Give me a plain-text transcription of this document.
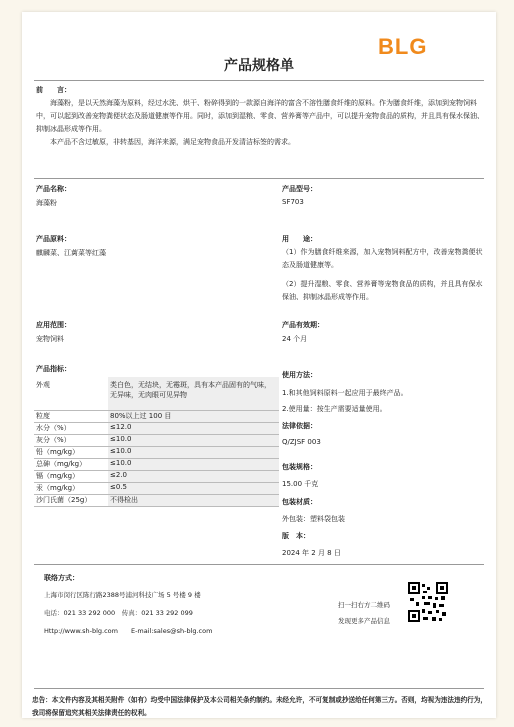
BLG
产品规格单
前　　言：

海藻粉，是以天然海藻为原料，经过水洗、烘干、粉碎得到的一款源自海洋的富含不溶性膳食纤维的原料。作为膳食纤维，添加到宠物饲料中，可以起到改善宠物粪便状态及肠道健康等作用。同时，添加到湿粮、零食、营养膏等产品中，可以提升宠物食品的质构，并且具有保水保油、抑制冰晶形成等作用。

本产品不含过敏原，非转基因，海洋来源，满足宠物食品开发清洁标签的需求。

产品名称：
海藻粉
产品原料：
麒麟菜、江蓠菜等红藻
应用范围：
宠物饲料
产品指标：
外观	类白色，无结块，无霉斑，具有本产品固有的气味，无异味，无肉眼可见异物
粒度	80%以上过 100 目
水分（%）	≤12.0
灰分（%）	≤10.0
铅（mg/kg）	≤10.0
总砷（mg/kg）	≤10.0
镉（mg/kg）	≤2.0
汞（mg/kg）	≤0.5
沙门氏菌（25g）	不得检出
产品型号：
SF703
用　　途：
（1）作为膳食纤维来源，加入宠物饲料配方中，改善宠物粪便状态及肠道健康等。
（2）提升湿粮、零食、营养膏等宠物食品的质构，并且具有保水保油、抑制冰晶形成等作用。
产品有效期：
24 个月
使用方法：
1.和其他饲料原料一起应用于最终产品。
2.使用量：按生产需要适量使用。
法律依据：
Q/ZJSF 003
包装规格：
15.00 千克
包装材质：
外包装：塑料袋包装
版　本：
2024 年 2 月 8 日
联络方式：
上海市闵行区陈行路2388号浦河科技广场 5 号楼 9 楼
电话：021 33 292 000　传真：021 33 292 099
Http://www.sh-blg.com　　E-mail:sales@sh-blg.com
扫一扫右方二维码
发现更多产品信息
忠告：本文件内容及其相关附件（如有）均受中国法律保护及本公司相关条约制约。未经允许，不可复制或抄送给任何第三方。否则，均视为违法违约行为，我司将保留追究其相关法律责任的权利。
